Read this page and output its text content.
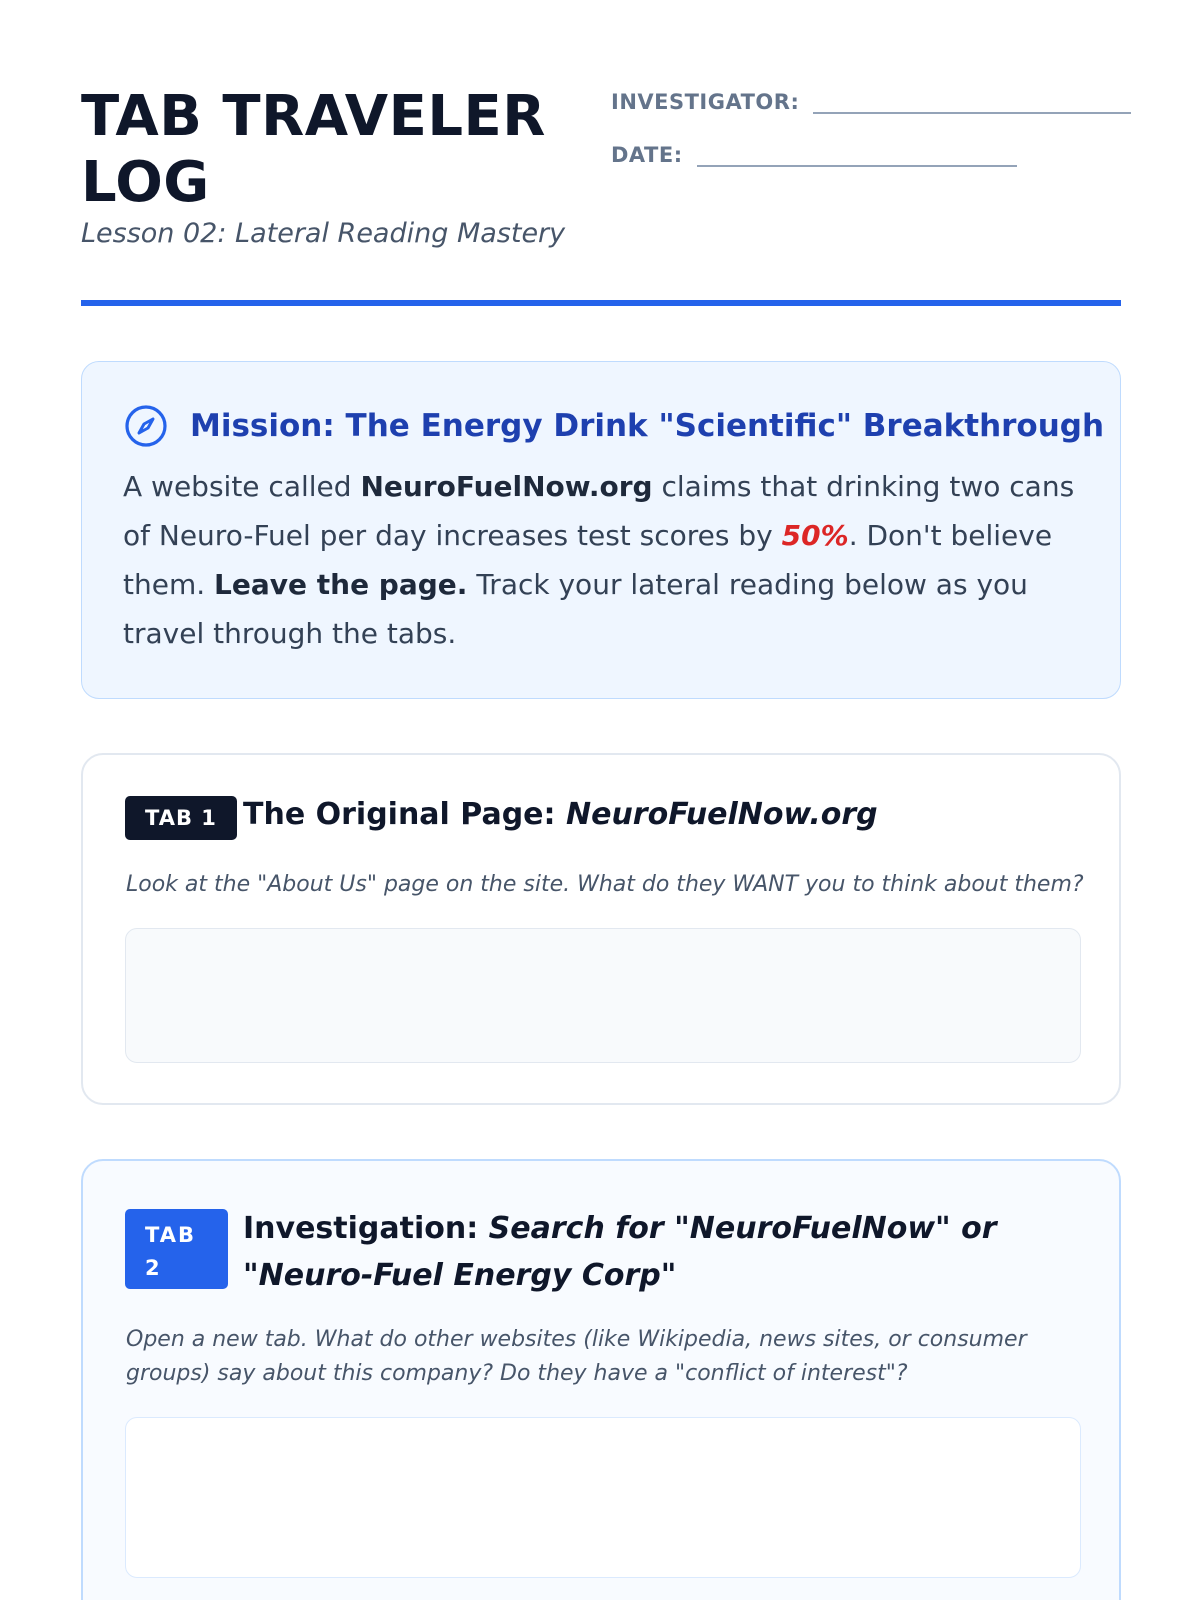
TAB TRAVELER LOG
Lesson 02: Lateral Reading Mastery
INVESTIGATOR:
DATE:
Mission: The Energy Drink "Scientific" Breakthrough

A website called NeuroFuelNow.org claims that drinking two cans of Neuro-Fuel per day increases test scores by 50%. Don't believe them. Leave the page. Track your lateral reading below as you travel through the tabs.

TAB 1 The Original Page: NeuroFuelNow.org

Look at the "About Us" page on the site. What do they WANT you to think about them?

TAB 2
Investigation: Search for "NeuroFuelNow" or "Neuro-Fuel Energy Corp"

Open a new tab. What do other websites (like Wikipedia, news sites, or consumer groups) say about this company? Do they have a "conflict of interest"?
